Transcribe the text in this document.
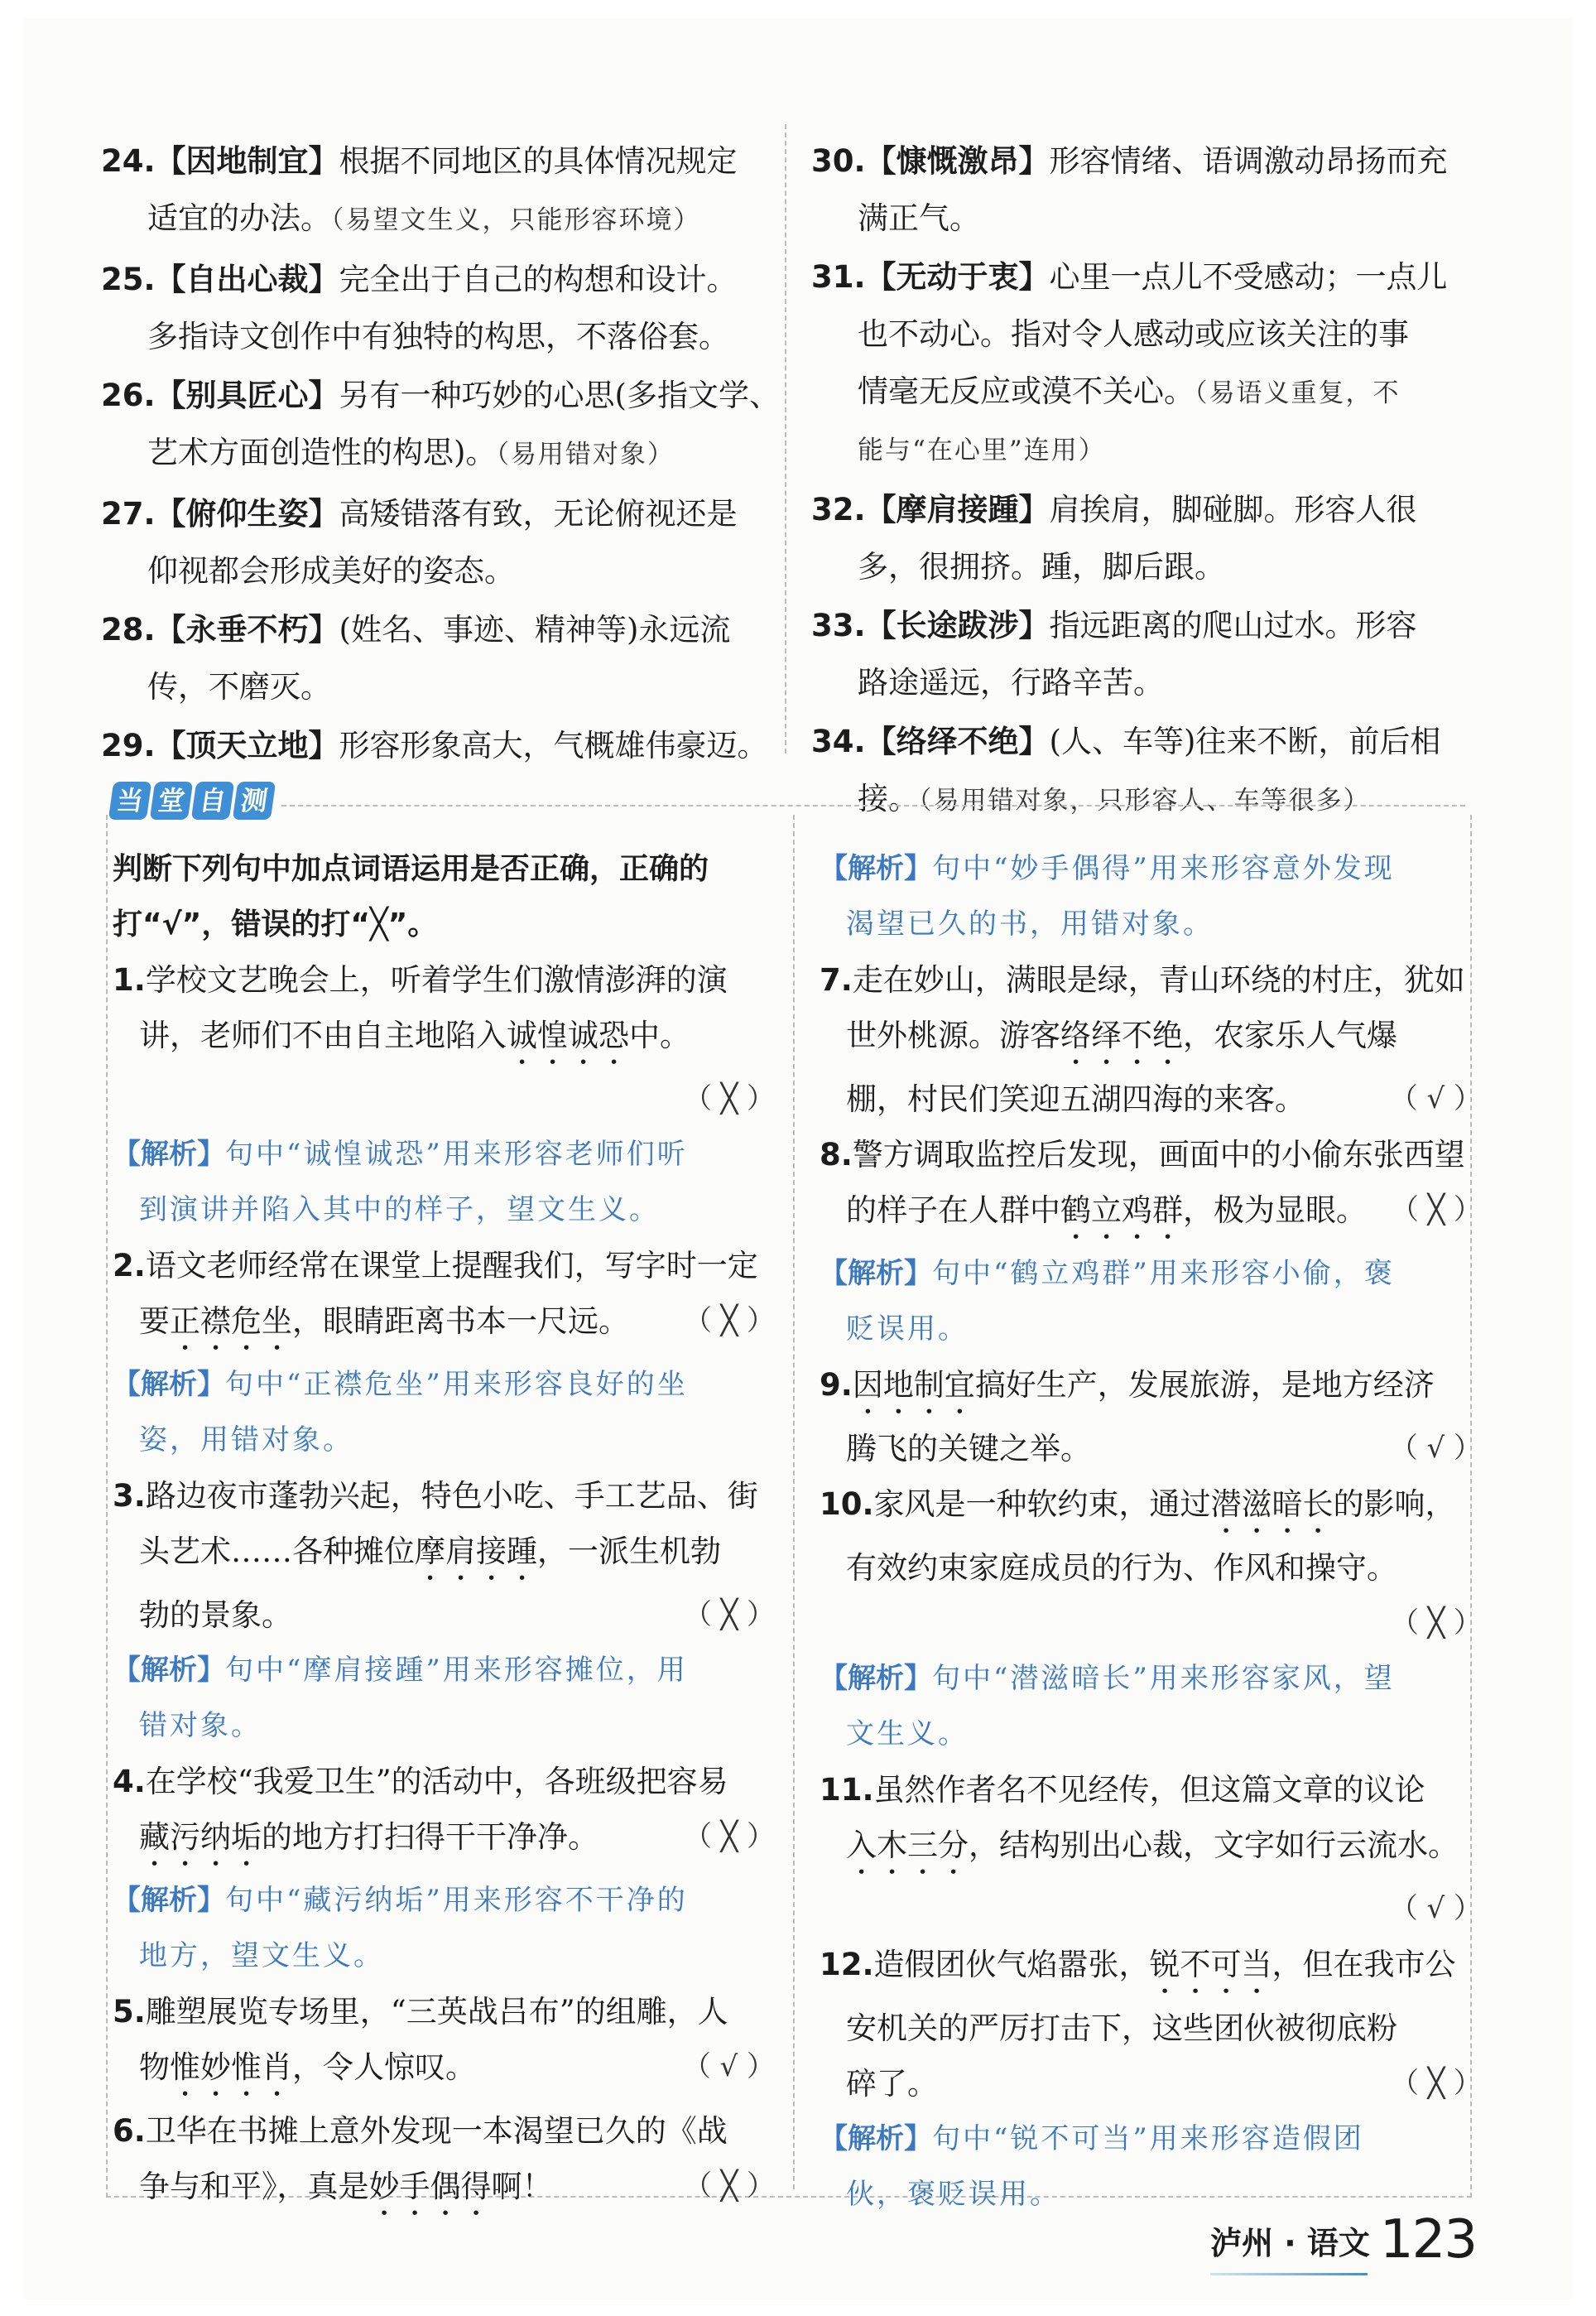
24.【因地制宜】根据不同地区的具体情况规定
适宜的办法。（易望文生义，只能形容环境）
25.【自出心裁】完全出于自己的构想和设计。
多指诗文创作中有独特的构思，不落俗套。
26.【别具匠心】另有一种巧妙的心思(多指文学、
艺术方面创造性的构思)。（易用错对象）
27.【俯仰生姿】高矮错落有致，无论俯视还是
仰视都会形成美好的姿态。
28.【永垂不朽】(姓名、事迹、精神等)永远流
传，不磨灭。
29.【顶天立地】形容形象高大，气概雄伟豪迈。
30.【慷慨激昂】形容情绪、语调激动昂扬而充
满正气。
31.【无动于衷】心里一点儿不受感动；一点儿
也不动心。指对令人感动或应该关注的事
情毫无反应或漠不关心。（易语义重复，不
能与“在心里”连用）
32.【摩肩接踵】肩挨肩，脚碰脚。形容人很
多，很拥挤。踵，脚后跟。
33.【长途跋涉】指远距离的爬山过水。形容
路途遥远，行路辛苦。
34.【络绎不绝】(人、车等)往来不断，前后相
接。（易用错对象，只形容人、车等很多）
当 堂 自 测
判断下列句中加点词语运用是否正确，正确的
打“√”，错误的打“╳”。
1.学校文艺晚会上，听着学生们激情澎湃的演
讲，老师们不由自主地陷入诚惶诚恐中。
（ ╳ ）

【解析】句中“诚惶诚恐”用来形容老师们听
到演讲并陷入其中的样子，望文生义。
2.语文老师经常在课堂上提醒我们，写字时一定
要正襟危坐，眼睛距离书本一尺远。 （ ╳ ）
【解析】句中“正襟危坐”用来形容良好的坐
姿，用错对象。
3.路边夜市蓬勃兴起，特色小吃、手工艺品、街
头艺术……各种摊位摩肩接踵，一派生机勃
勃的景象。	（ ╳ ）
【解析】句中“摩肩接踵”用来形容摊位，用
错对象。
4.在学校“我爱卫生”的活动中，各班级把容易
藏污纳垢的地方打扫得干干净净。	（ ╳ ）
【解析】句中“藏污纳垢”用来形容不干净的
地方，望文生义。
5.雕塑展览专场里，“三英战吕布”的组雕，人
物惟妙惟肖，令人惊叹。	（ √ ）
6.卫华在书摊上意外发现一本渴望已久的《战
争与和平》，真是妙手偶得啊！	（ ╳ ）
【解析】句中“妙手偶得”用来形容意外发现
渴望已久的书，用错对象。
7.走在妙山，满眼是绿，青山环绕的村庄，犹如
世外桃源。游客络绎不绝，农家乐人气爆
棚，村民们笑迎五湖四海的来客。	（ √ ）
8.警方调取监控后发现，画面中的小偷东张西望
的样子在人群中鹤立鸡群，极为显眼。 （ ╳ ）
【解析】句中“鹤立鸡群”用来形容小偷，褒
贬误用。
9.因地制宜搞好生产，发展旅游，是地方经济
腾飞的关键之举。	（ √ ）
10.家风是一种软约束，通过潜滋暗长的影响，
有效约束家庭成员的行为、作风和操守。
（ ╳ ）

【解析】句中“潜滋暗长”用来形容家风，望
文生义。
11.虽然作者名不见经传，但这篇文章的议论
入木三分，结构别出心裁，文字如行云流水。
（ √ ）

12.造假团伙气焰嚣张，锐不可当，但在我市公
安机关的严厉打击下，这些团伙被彻底粉
碎了。	（ ╳ ）
【解析】句中“锐不可当”用来形容造假团
伙，褒贬误用。
泸州 · 语文 123
